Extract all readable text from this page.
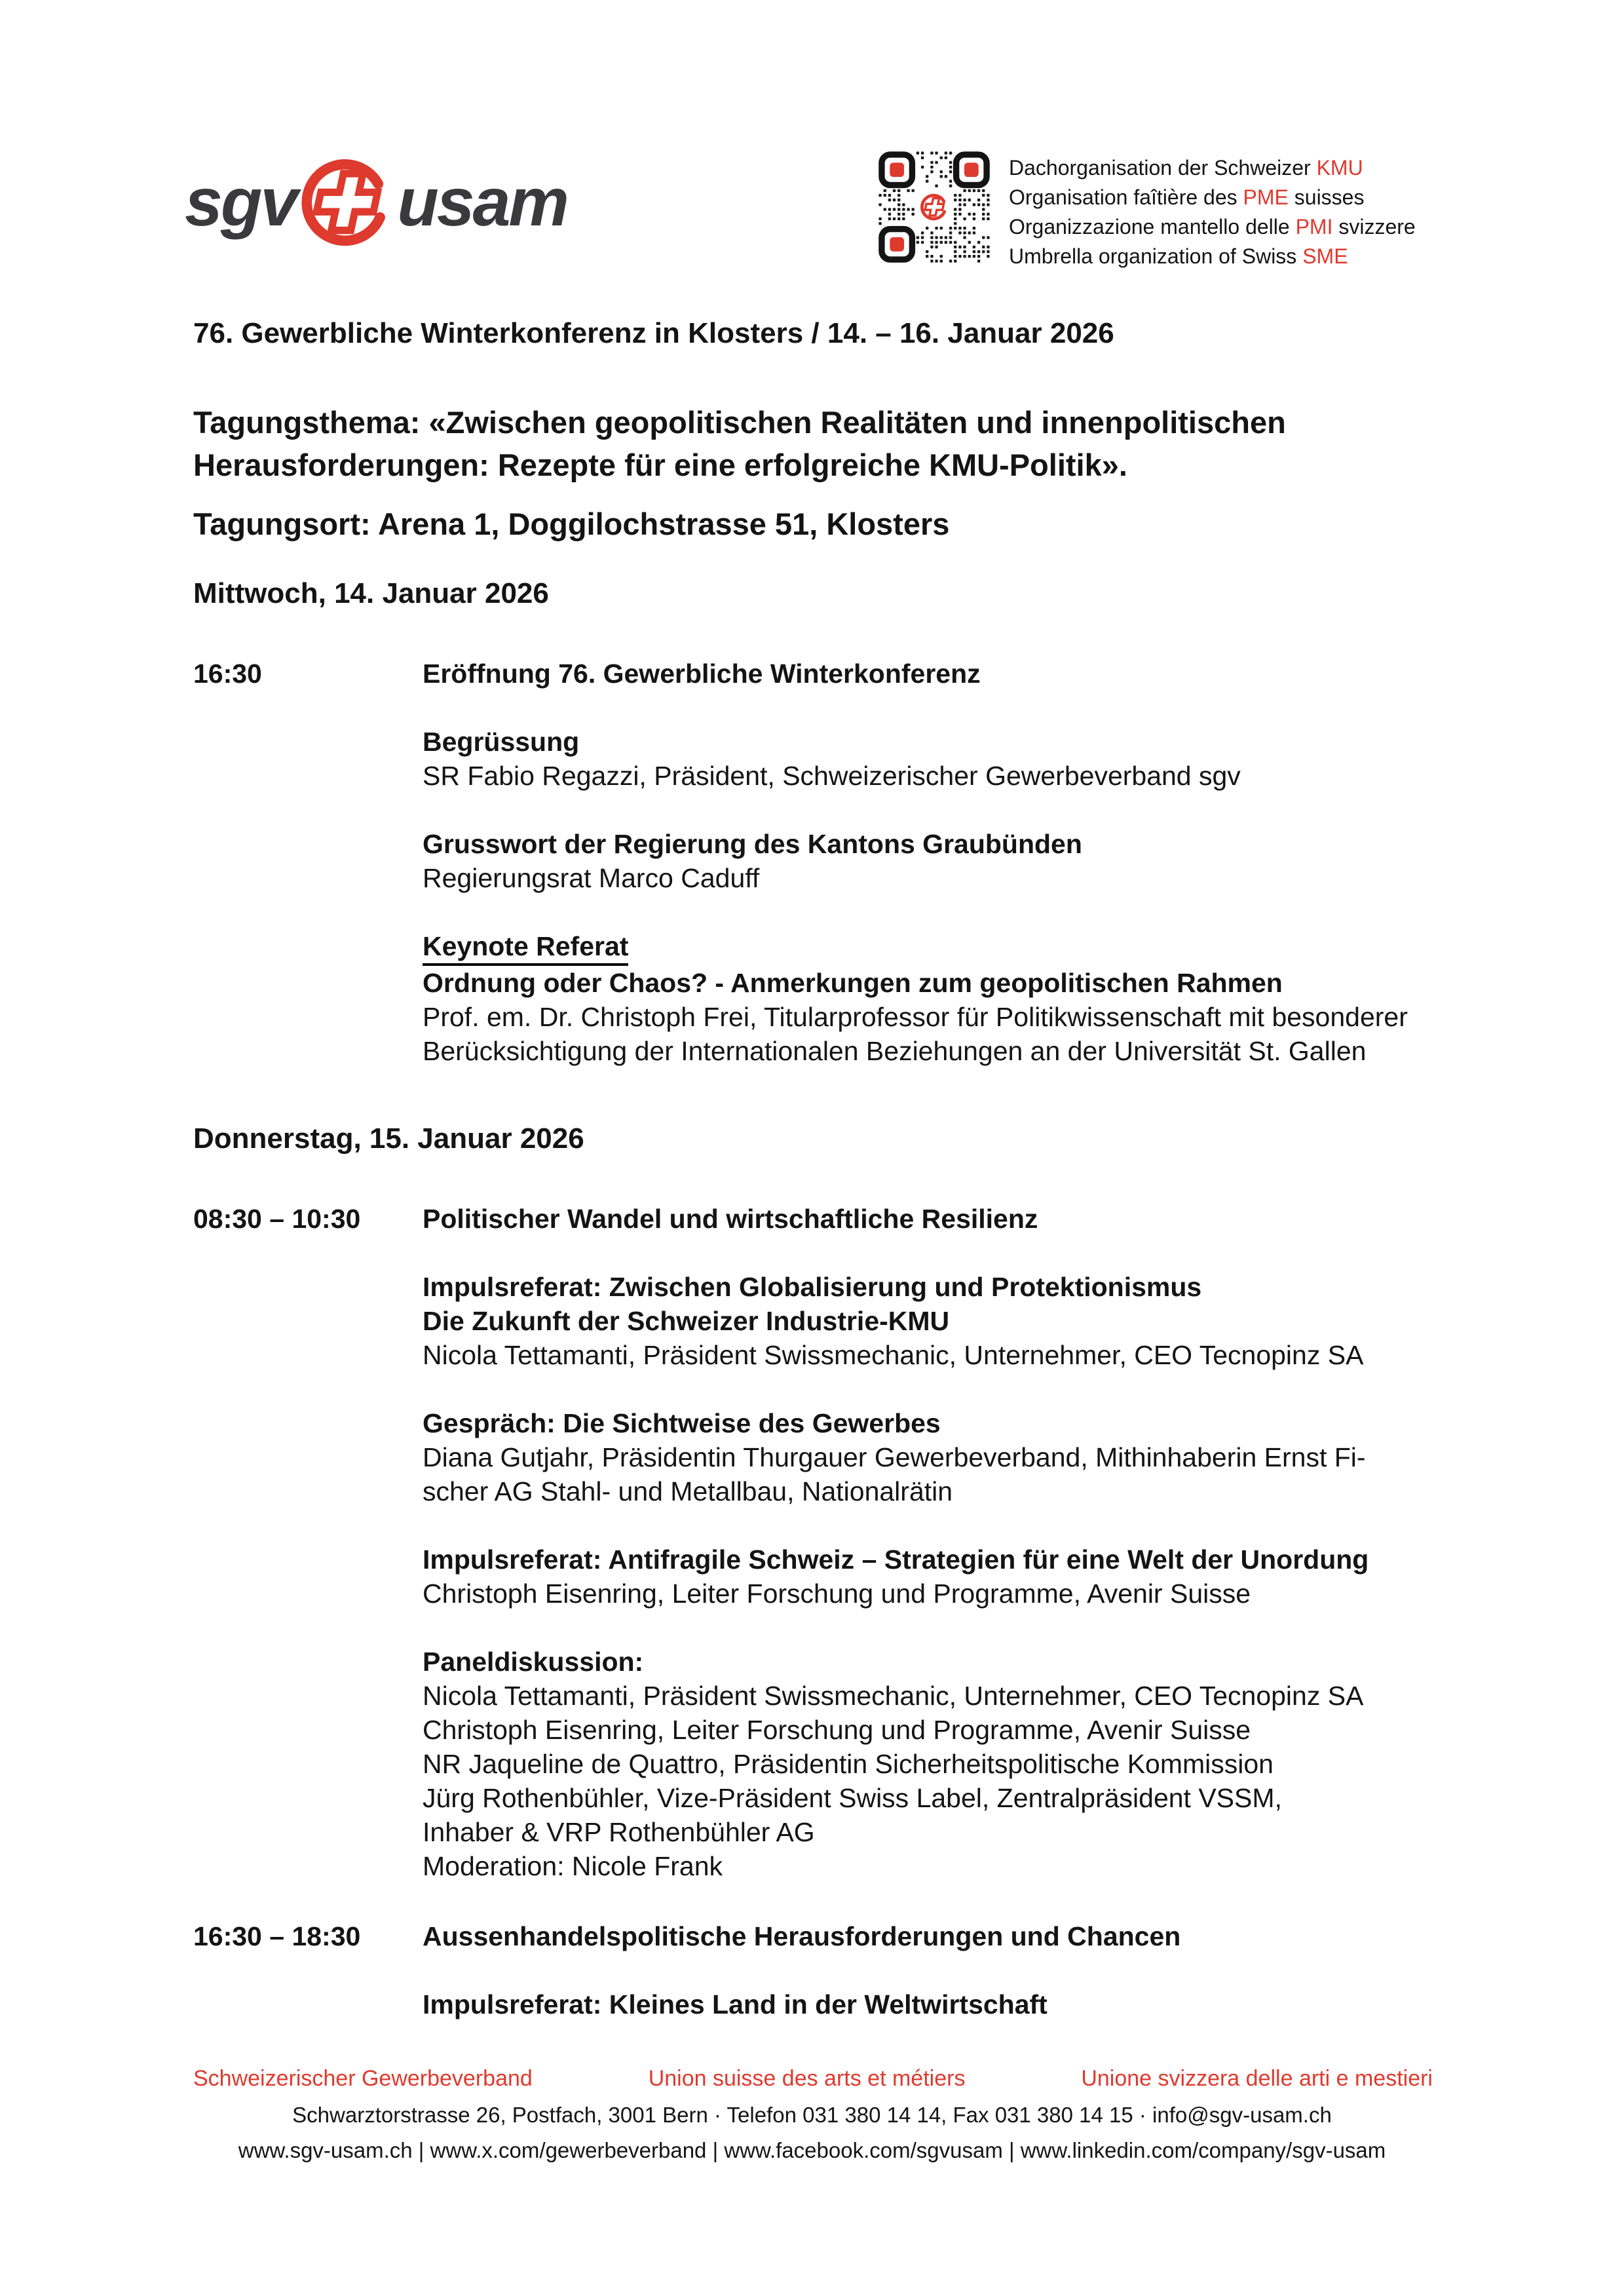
sgv usam	Dachorganisation der Schweizer KMU
Organisation faîtière des PME suisses
Organizzazione mantello delle PMI svizzere
Umbrella organization of Swiss SME
76. Gewerbliche Winterkonferenz in Klosters / 14. – 16. Januar 2026
Tagungsthema: «Zwischen geopolitischen Realitäten und innenpolitischen
Herausforderungen: Rezepte für eine erfolgreiche KMU-Politik».
Tagungsort: Arena 1, Doggilochstrasse 51, Klosters
Mittwoch, 14. Januar 2026
16:30	Eröffnung 76. Gewerbliche Winterkonferenz
Begrüssung
SR Fabio Regazzi, Präsident, Schweizerischer Gewerbeverband sgv
Grusswort der Regierung des Kantons Graubünden
Regierungsrat Marco Caduff
Keynote Referat
Ordnung oder Chaos? - Anmerkungen zum geopolitischen Rahmen
Prof. em. Dr. Christoph Frei, Titularprofessor für Politikwissenschaft mit besonderer
Berücksichtigung der Internationalen Beziehungen an der Universität St. Gallen
Donnerstag, 15. Januar 2026
08:30 – 10:30	Politischer Wandel und wirtschaftliche Resilienz
Impulsreferat: Zwischen Globalisierung und Protektionismus
Die Zukunft der Schweizer Industrie-KMU
Nicola Tettamanti, Präsident Swissmechanic, Unternehmer, CEO Tecnopinz SA
Gespräch: Die Sichtweise des Gewerbes
Diana Gutjahr, Präsidentin Thurgauer Gewerbeverband, Mithinhaberin Ernst Fi-
scher AG Stahl- und Metallbau, Nationalrätin
Impulsreferat: Antifragile Schweiz – Strategien für eine Welt der Unordung
Christoph Eisenring, Leiter Forschung und Programme, Avenir Suisse
Paneldiskussion:
Nicola Tettamanti, Präsident Swissmechanic, Unternehmer, CEO Tecnopinz SA
Christoph Eisenring, Leiter Forschung und Programme, Avenir Suisse
NR Jaqueline de Quattro, Präsidentin Sicherheitspolitische Kommission
Jürg Rothenbühler, Vize-Präsident Swiss Label, Zentralpräsident VSSM,
Inhaber & VRP Rothenbühler AG
Moderation: Nicole Frank
16:30 – 18:30	Aussenhandelspolitische Herausforderungen und Chancen
Impulsreferat: Kleines Land in der Weltwirtschaft
Schweizerischer Gewerbeverband	Union suisse des arts et métiers	Unione svizzera delle arti e mestieri
Schwarztorstrasse 26, Postfach, 3001 Bern · Telefon 031 380 14 14, Fax 031 380 14 15 · info@sgv-usam.ch
www.sgv-usam.ch | www.x.com/gewerbeverband | www.facebook.com/sgvusam | www.linkedin.com/company/sgv-usam
